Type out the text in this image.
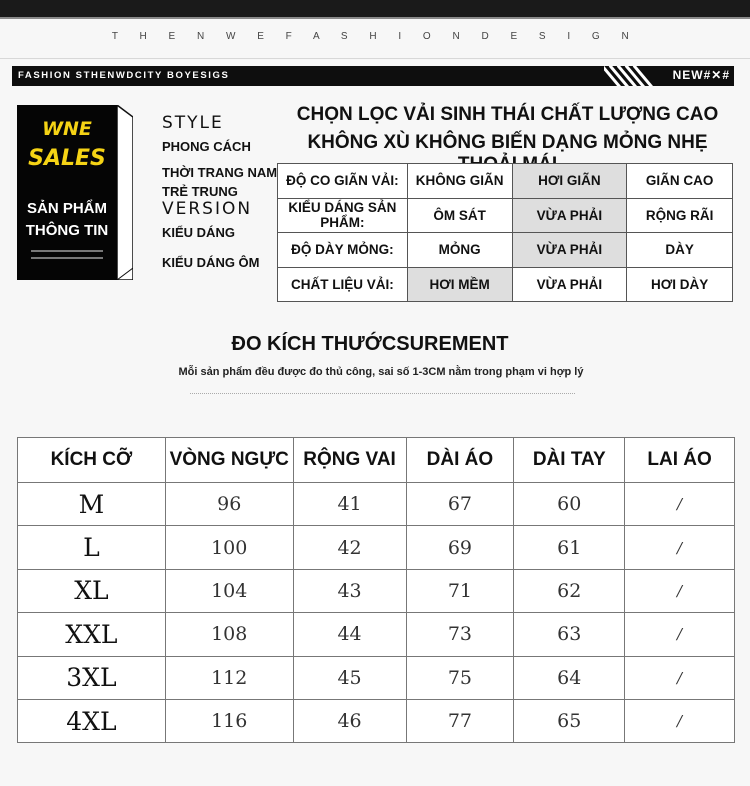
T H E N W E F A S H I O N D E S I G N
FASHION STHENWDCITY BOYESIGS	NEW#✕#
WNE
SALES
SẢN PHẨM
THÔNG TIN
STYLE
PHONG CÁCH
THỜI TRANG NAM
TRẺ TRUNG
VERSION
KIỂU DÁNG
KIỂU DÁNG ÔM
CHỌN LỌC VẢI SINH THÁI CHẤT LƯỢNG CAO
KHÔNG XÙ KHÔNG BIẾN DẠNG MỎNG NHẸ
ĐỘ CO GIÃN VẢI:	KHÔNG GIÃN	HƠI GIÃN	GIÃN CAO
KIỂU DÁNG SẢN PHẨM:	ÔM SÁT	VỪA PHẢI	RỘNG RÃI
ĐỘ DÀY MỎNG:	MỎNG	VỪA PHẢI	DÀY
CHẤT LIỆU VẢI:	HƠI MỀM	VỪA PHẢI	HƠI DÀY
ĐO KÍCH THƯỚCSUREMENT
Mỗi sản phẩm đều được đo thủ công, sai số 1-3CM nằm trong phạm vi hợp lý
KÍCH CỠ	VÒNG NGỰC	RỘNG VAI	DÀI ÁO	DÀI TAY	LAI ÁO
M	96	41	67	60	/
L	100	42	69	61	/
XL	104	43	71	62	/
XXL	108	44	73	63	/
3XL	112	45	75	64	/
4XL	116	46	77	65	/
